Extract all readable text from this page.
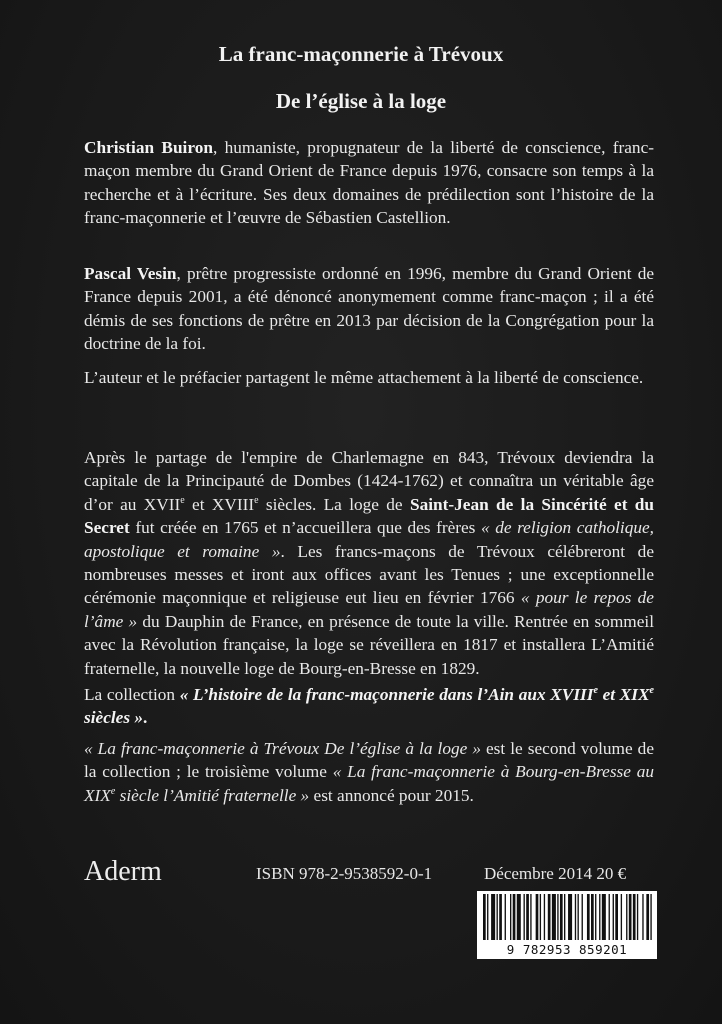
La franc-maçonnerie à Trévoux
De l’église à la loge
Christian Buiron, humaniste, propugnateur de la liberté de conscience, franc-maçon membre du Grand Orient de France depuis 1976, consacre son temps à la recherche et à l’écriture. Ses deux domaines de prédilection sont l’histoire de la franc-maçonnerie et l’œuvre de Sébastien Castellion.
Pascal Vesin, prêtre progressiste ordonné en 1996, membre du Grand Orient de France depuis 2001, a été dénoncé anonymement comme franc-maçon ; il a été démis de ses fonctions de prêtre en 2013 par décision de la Congrégation pour la doctrine de la foi.
L’auteur et le préfacier partagent le même attachement à la liberté de conscience.
Après le partage de l'empire de Charlemagne en 843, Trévoux deviendra la capitale de la Principauté de Dombes (1424-1762) et connaîtra un véritable âge d’or au XVIIe et XVIIIe siècles. La loge de Saint-Jean de la Sincérité et du Secret fut créée en 1765 et n’accueillera que des frères « de religion catholique, apostolique et romaine ». Les francs-maçons de Trévoux célébreront de nombreuses messes et iront aux offices avant les Tenues ; une exceptionnelle cérémonie maçonnique et religieuse eut lieu en février 1766 « pour le repos de l’âme » du Dauphin de France, en présence de toute la ville. Rentrée en sommeil avec la Révolution française, la loge se réveillera en 1817 et installera L’Amitié fraternelle, la nouvelle loge de Bourg-en-Bresse en 1829.
La collection « L’histoire de la franc-maçonnerie dans l’Ain aux XVIIIe et XIXe siècles ».
« La franc-maçonnerie à Trévoux De l’église à la loge » est le second volume de la collection ; le troisième volume « La franc-maçonnerie à Bourg-en-Bresse au XIXe siècle l’Amitié fraternelle » est annoncé pour 2015.
Aderm	ISBN 978-2-9538592-0-1	Décembre 2014 20 €
9 782953 859201
